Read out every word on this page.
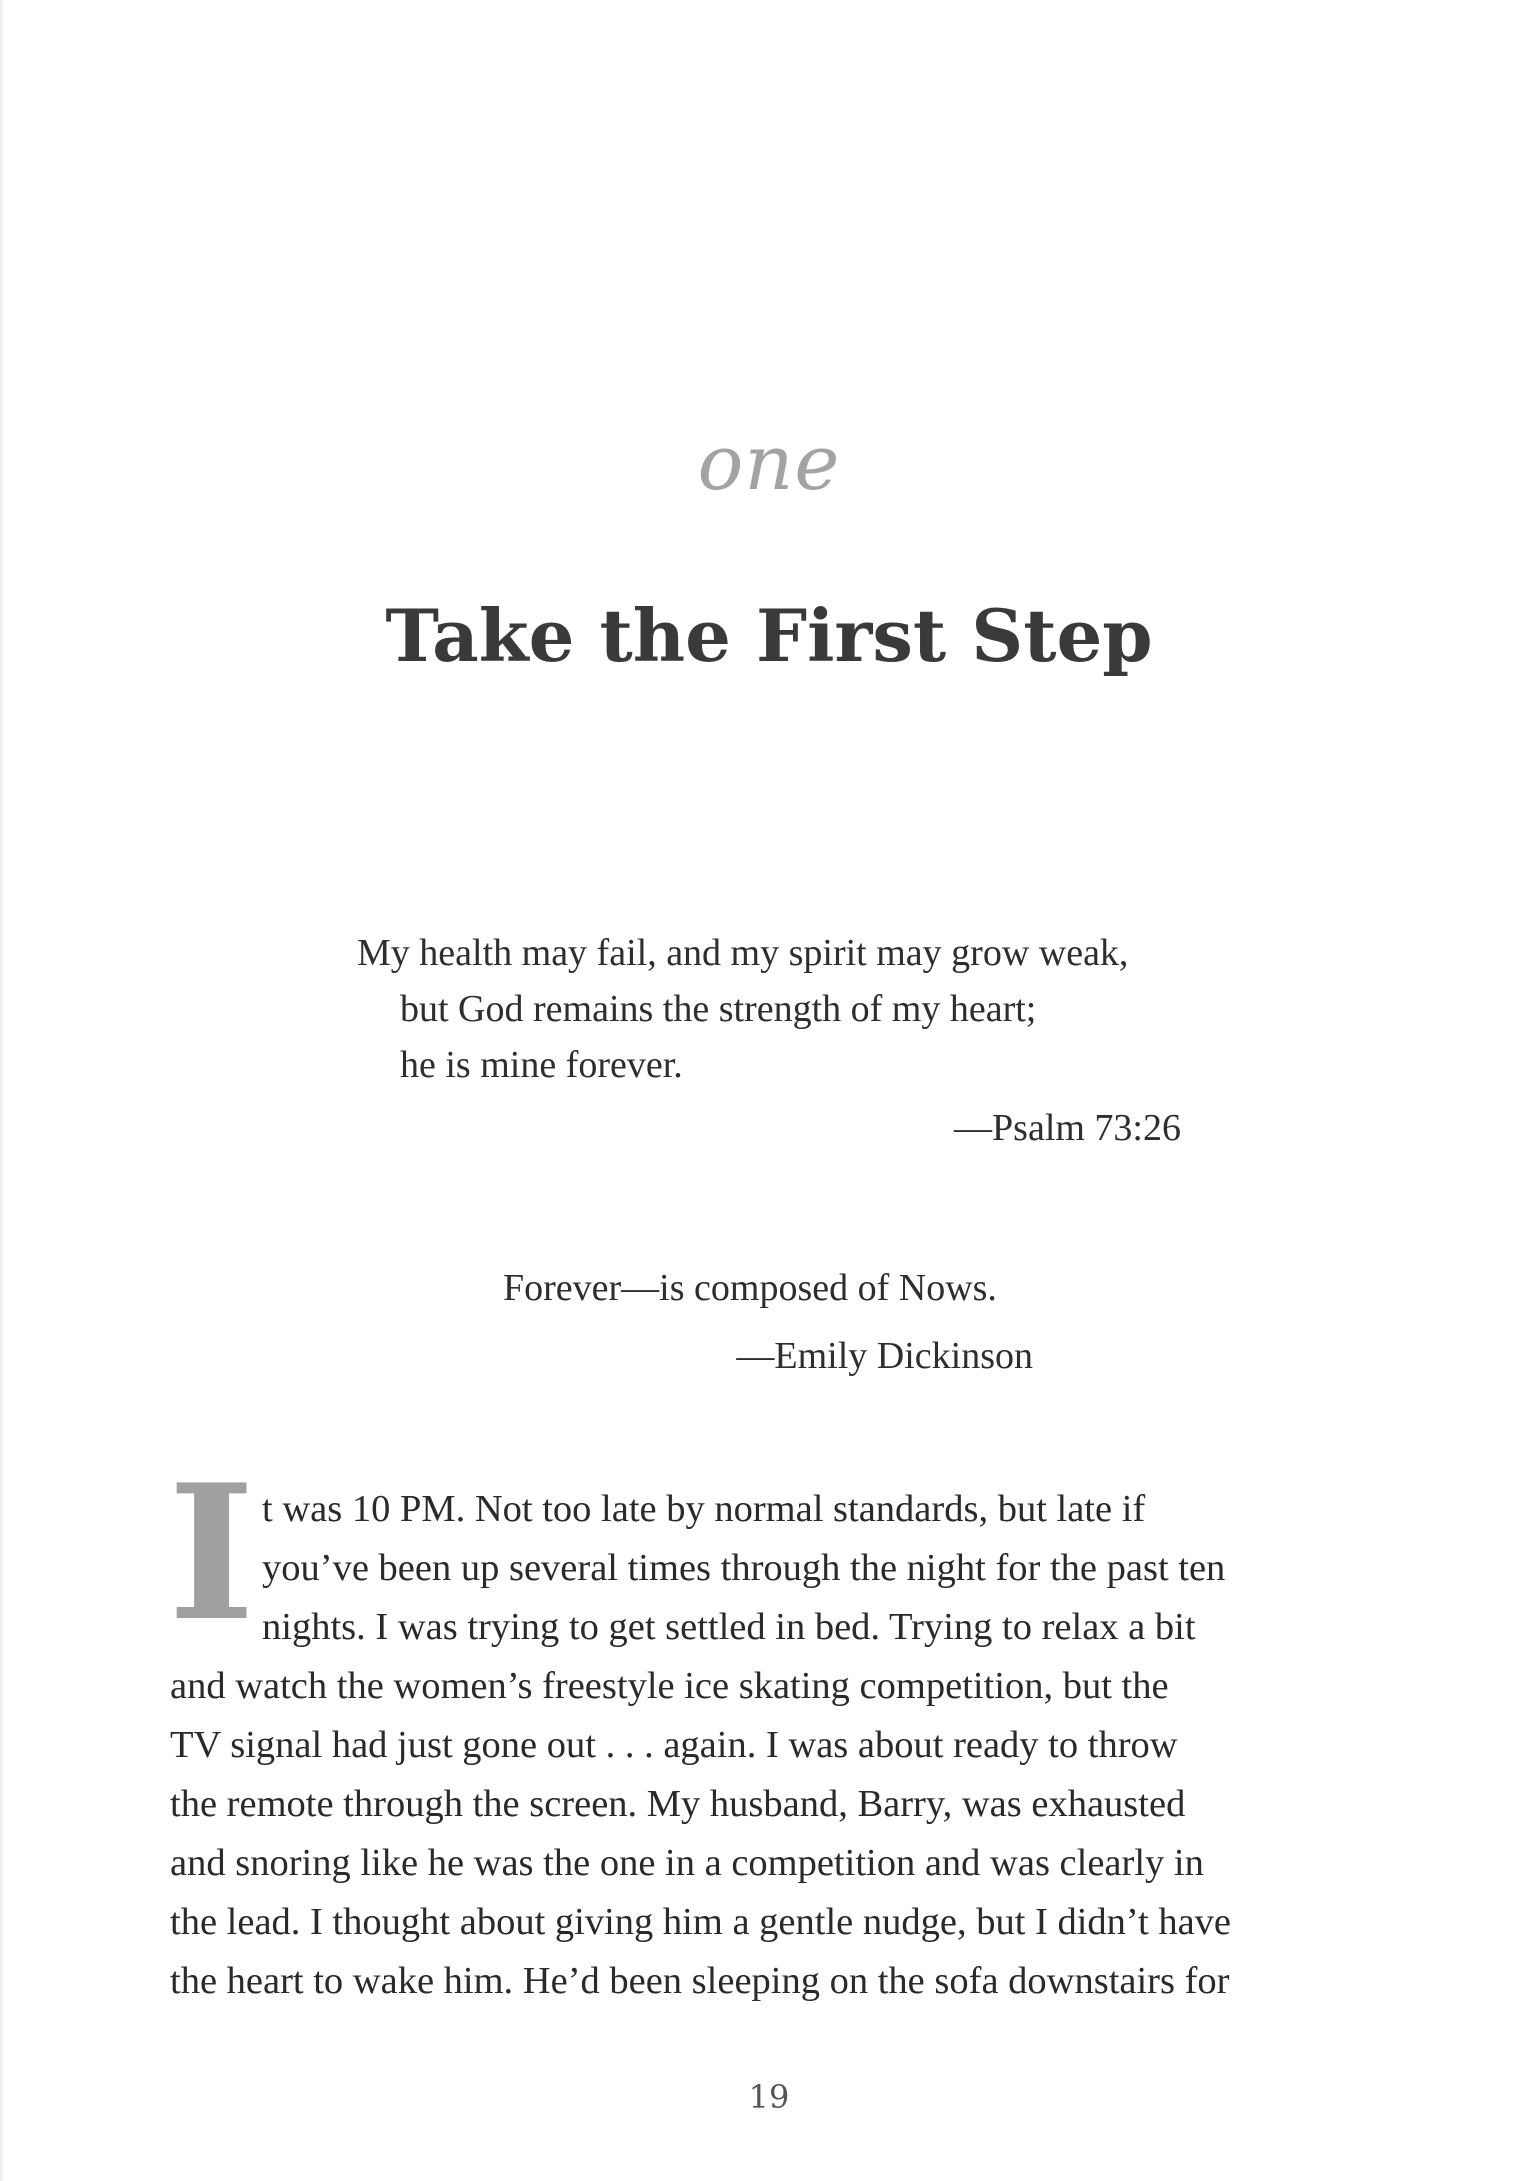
one
Take the First Step
My health may fail, and my spirit may grow weak,
but God remains the strength of my heart;
he is mine forever.
—Psalm 73:26
Forever—is composed of Nows.
—Emily Dickinson
I t was 10 PM. Not too late by normal standards, but late if
you’ve been up several times through the night for the past ten
nights. I was trying to get settled in bed. Trying to relax a bit
and watch the women’s freestyle ice skating competition, but the
TV signal had just gone out . . . again. I was about ready to throw
the remote through the screen. My husband, Barry, was exhausted
and snoring like he was the one in a competition and was clearly in
the lead. I thought about giving him a gentle nudge, but I didn’t have
the heart to wake him. He’d been sleeping on the sofa downstairs for
19
